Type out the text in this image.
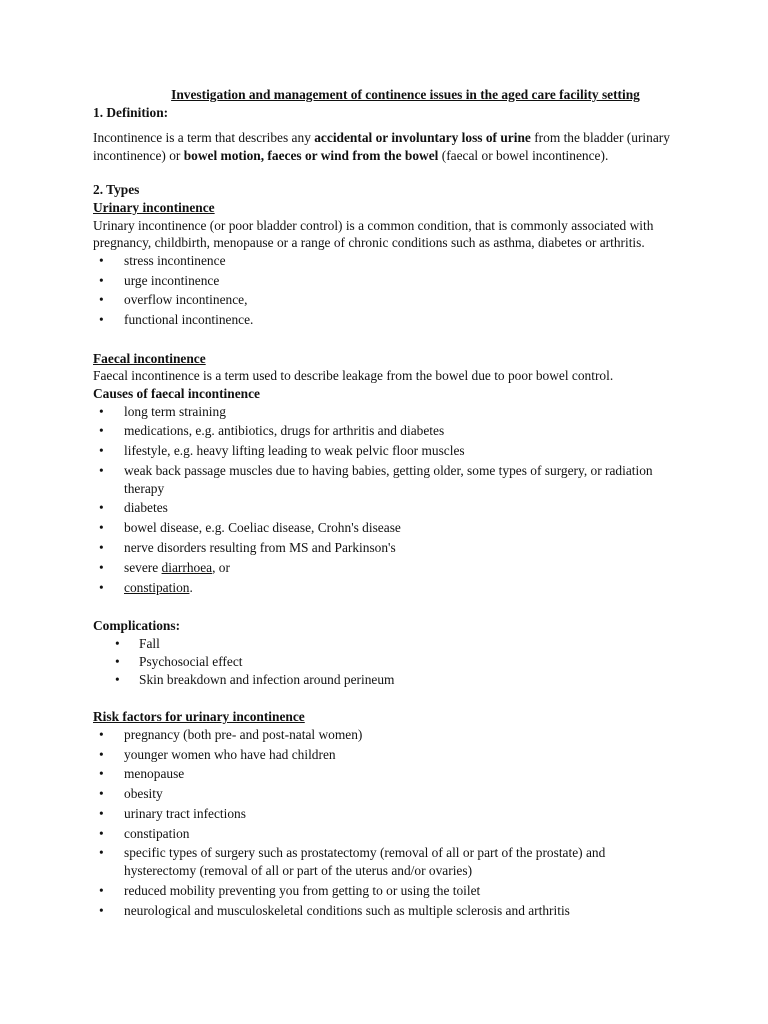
Investigation and management of continence issues in the aged care facility setting
1. Definition:

Incontinence is a term that describes any accidental or involuntary loss of urine from the bladder (urinary incontinence) or bowel motion, faeces or wind from the bowel (faecal or bowel incontinence).

2. Types
Urinary incontinence

Urinary incontinence (or poor bladder control) is a common condition, that is commonly associated with pregnancy, childbirth, menopause or a range of chronic conditions such as asthma, diabetes or arthritis.

• stress incontinence
• urge incontinence
• overflow incontinence,
• functional incontinence.
Faecal incontinence

Faecal incontinence is a term used to describe leakage from the bowel due to poor bowel control.

Causes of faecal incontinence
• long term straining
• medications, e.g. antibiotics, drugs for arthritis and diabetes
• lifestyle, e.g. heavy lifting leading to weak pelvic floor muscles
• weak back passage muscles due to having babies, getting older, some types of surgery, or radiation therapy
• diabetes
• bowel disease, e.g. Coeliac disease, Crohn's disease
• nerve disorders resulting from MS and Parkinson's
• severe diarrhoea, or
• constipation.
Complications:
• Fall
• Psychosocial effect
• Skin breakdown and infection around perineum
Risk factors for urinary incontinence
• pregnancy (both pre- and post-natal women)
• younger women who have had children
• menopause
• obesity
• urinary tract infections
• constipation
• specific types of surgery such as prostatectomy (removal of all or part of the prostate) and hysterectomy (removal of all or part of the uterus and/or ovaries)
• reduced mobility preventing you from getting to or using the toilet
• neurological and musculoskeletal conditions such as multiple sclerosis and arthritis
